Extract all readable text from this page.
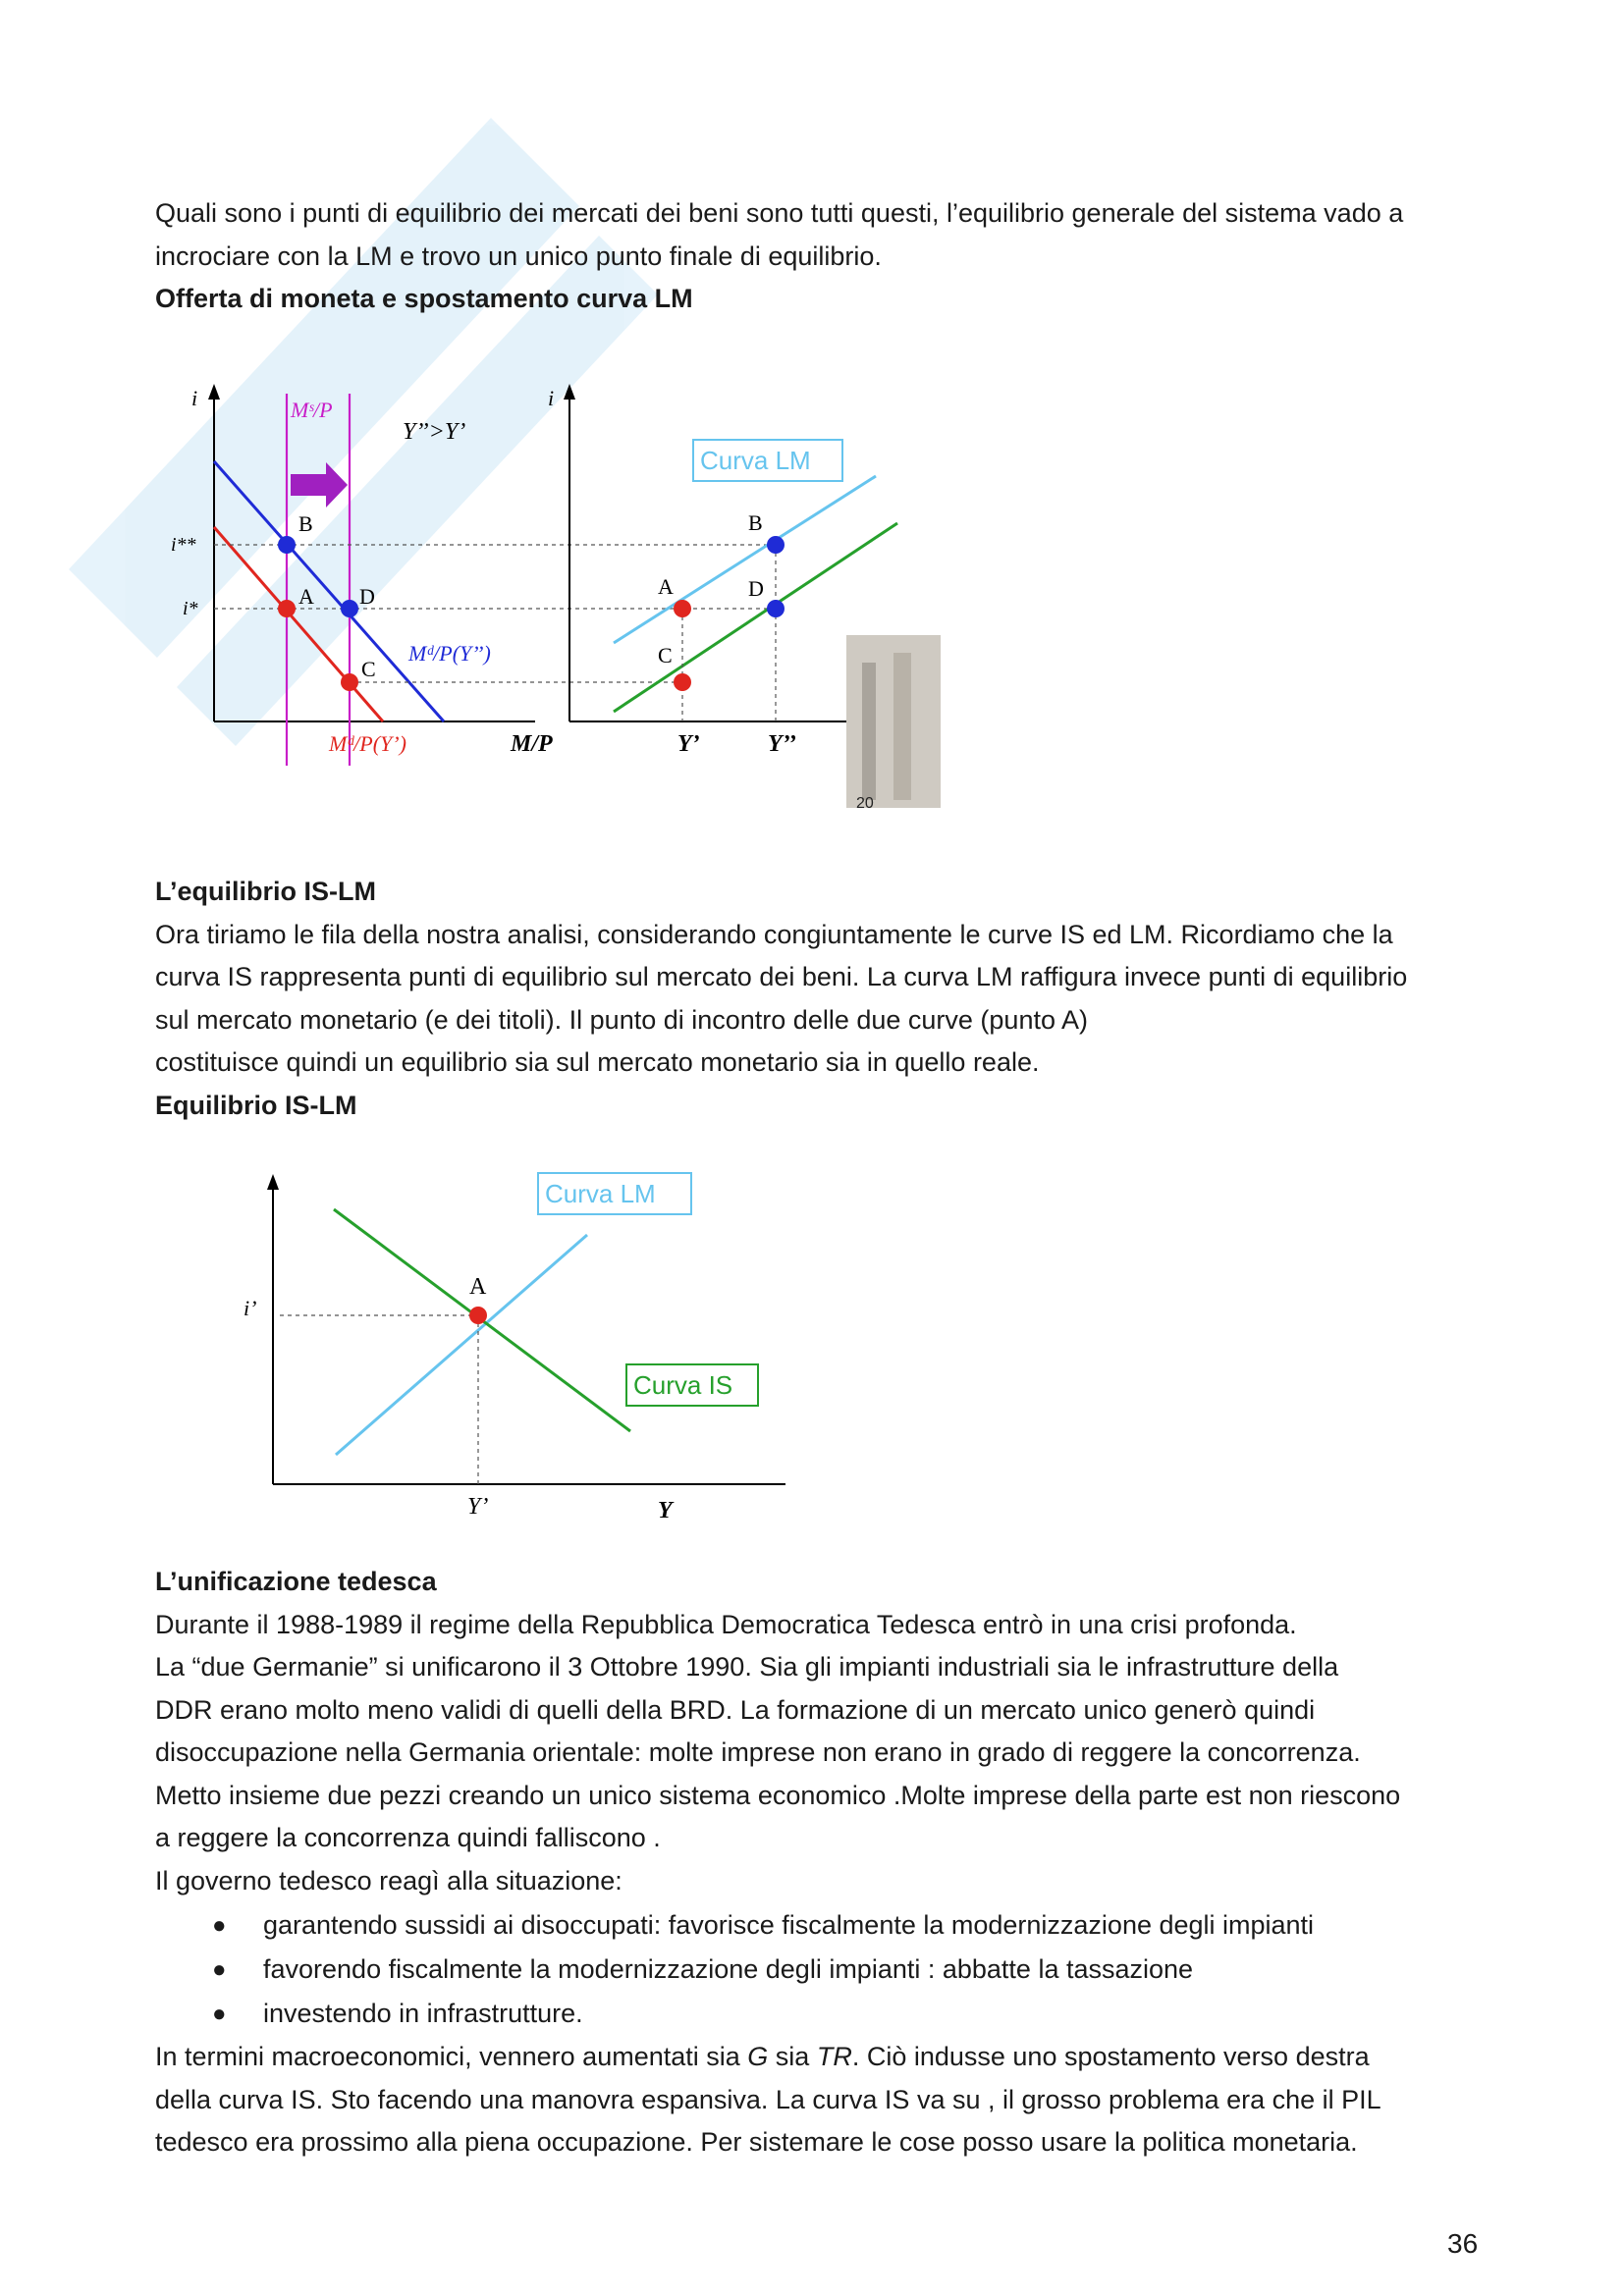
Quali sono i punti di equilibrio dei mercati dei beni sono tutti questi, l’equilibrio generale del sistema vado a
incrociare con la LM e trovo un unico punto finale di equilibrio.
Offerta di moneta e spostamento curva LM

i
M/P
Mˢ/P
Y’’>Y’
i**
i*
B
A D
C
Mᵈ/P(Y’’)
Mᵈ/P(Y’)
i
Curva LM
B
A	D
C
Y’	Y’’
20

L’equilibrio IS-LM
Ora tiriamo le fila della nostra analisi, considerando congiuntamente le curve IS ed LM. Ricordiamo che la
curva IS rappresenta punti di equilibrio sul mercato dei beni. La curva LM raffigura invece punti di equilibrio
sul mercato monetario (e dei titoli). Il punto di incontro delle due curve (punto A)
costituisce quindi un equilibrio sia sul mercato monetario sia in quello reale.
Equilibrio IS-LM

A
i’
Y’	Y
Curva LM
Curva IS

L’unificazione tedesca
Durante il 1988-1989 il regime della Repubblica Democratica Tedesca entrò in una crisi profonda.
La “due Germanie” si unificarono il 3 Ottobre 1990. Sia gli impianti industriali sia le infrastrutture della
DDR erano molto meno validi di quelli della BRD. La formazione di un mercato unico generò quindi
disoccupazione nella Germania orientale: molte imprese non erano in grado di reggere la concorrenza.
Metto insieme due pezzi creando un unico sistema economico .Molte imprese della parte est non riescono
a reggere la concorrenza quindi falliscono .
Il governo tedesco reagì alla situazione:

● garantendo sussidi ai disoccupati: favorisce fiscalmente la modernizzazione degli impianti
● favorendo fiscalmente la modernizzazione degli impianti : abbatte la tassazione
● investendo in infrastrutture.

In termini macroeconomici, vennero aumentati sia G sia TR. Ciò indusse uno spostamento verso destra
della curva IS. Sto facendo una manovra espansiva. La curva IS va su , il grosso problema era che il PIL
tedesco era prossimo alla piena occupazione. Per sistemare le cose posso usare la politica monetaria.

36
